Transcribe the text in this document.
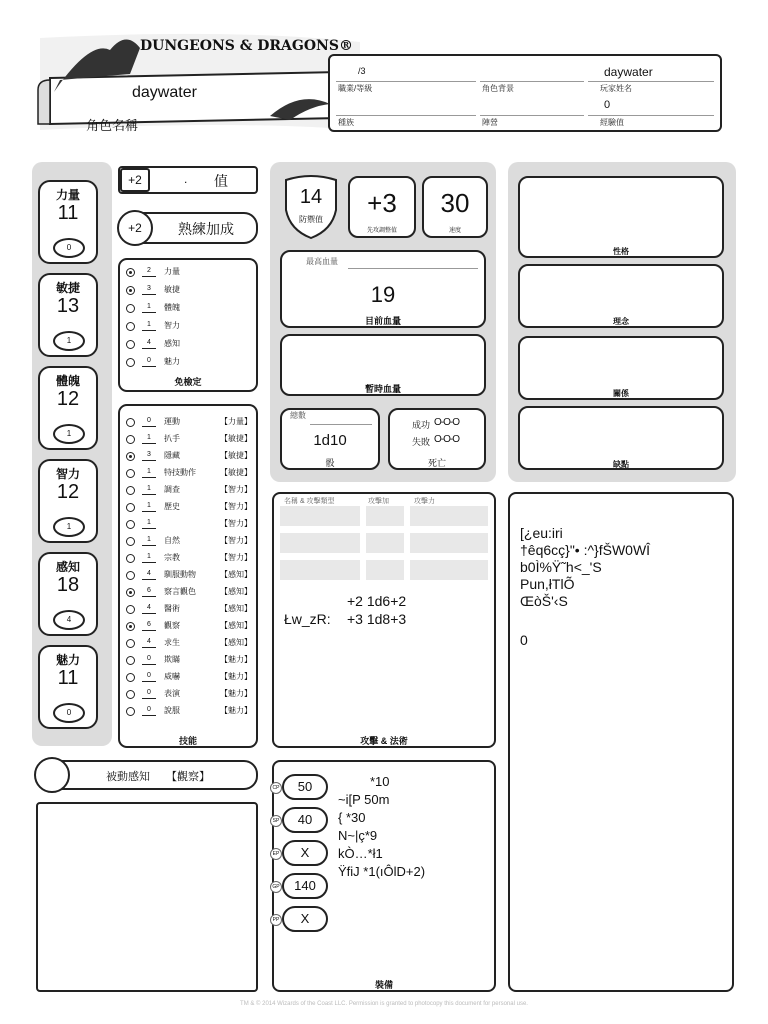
DUNGEONS & DRAGONS®
daywater
角色名稱
/3
職業/等級	角色背景
daywater
玩家姓名
種族	陣營
0
經驗值
力量
11
0
敏捷
13
1
體魄
12
1
智力
12
1
感知
18
4
魅力
11
0
+2	. 值
+2	熟練加成
2	力量
3	敏捷
1	體魄
1	智力
4	感知
0	魅力
免檢定
0	運動	【力量】
1	扒手	【敏捷】
3	隱藏	【敏捷】
1	特技動作	【敏捷】
1	調查	【智力】
1	歷史	【智力】
1	【智力】
1	自然	【智力】
1	宗教	【智力】
4	馴服動物	【感知】
6	察言觀色	【感知】
4	醫術	【感知】
6	觀察	【感知】
4	求生	【感知】
0	欺瞞	【魅力】
0	威嚇	【魅力】
0	表演	【魅力】
0	說服	【魅力】
技能
被動感知 【觀察】
14
防禦值
+3
先攻調整值
30
速度
最高血量
19
目前血量
暫時血量
總數
1d10
骰
成功 O-O-O
失敗 O-O-O
死亡
名稱 & 攻擊類型	攻擊加	攻擊力
+2 1d6+2
Łw_zR: +3 1d8+3
攻擊 & 法術
CP 50
SP 40
EP X
GP 140
PP X
*10
~i[P 50m
{ *30
N~|ç*9
kÒ…*ł1
ŸfiJ *1(ıÔlD+2)
裝備
性格
理念
關係
缺點
[¿eu:iri
†êq6cç}"• :^}fŠW0WÎ
b0Ì%Ÿ˜h<_'S
Pun,łTlÕ
ŒòŠ'‹S
0
TM & © 2014 Wizards of the Coast LLC. Permission is granted to photocopy this document for personal use.
